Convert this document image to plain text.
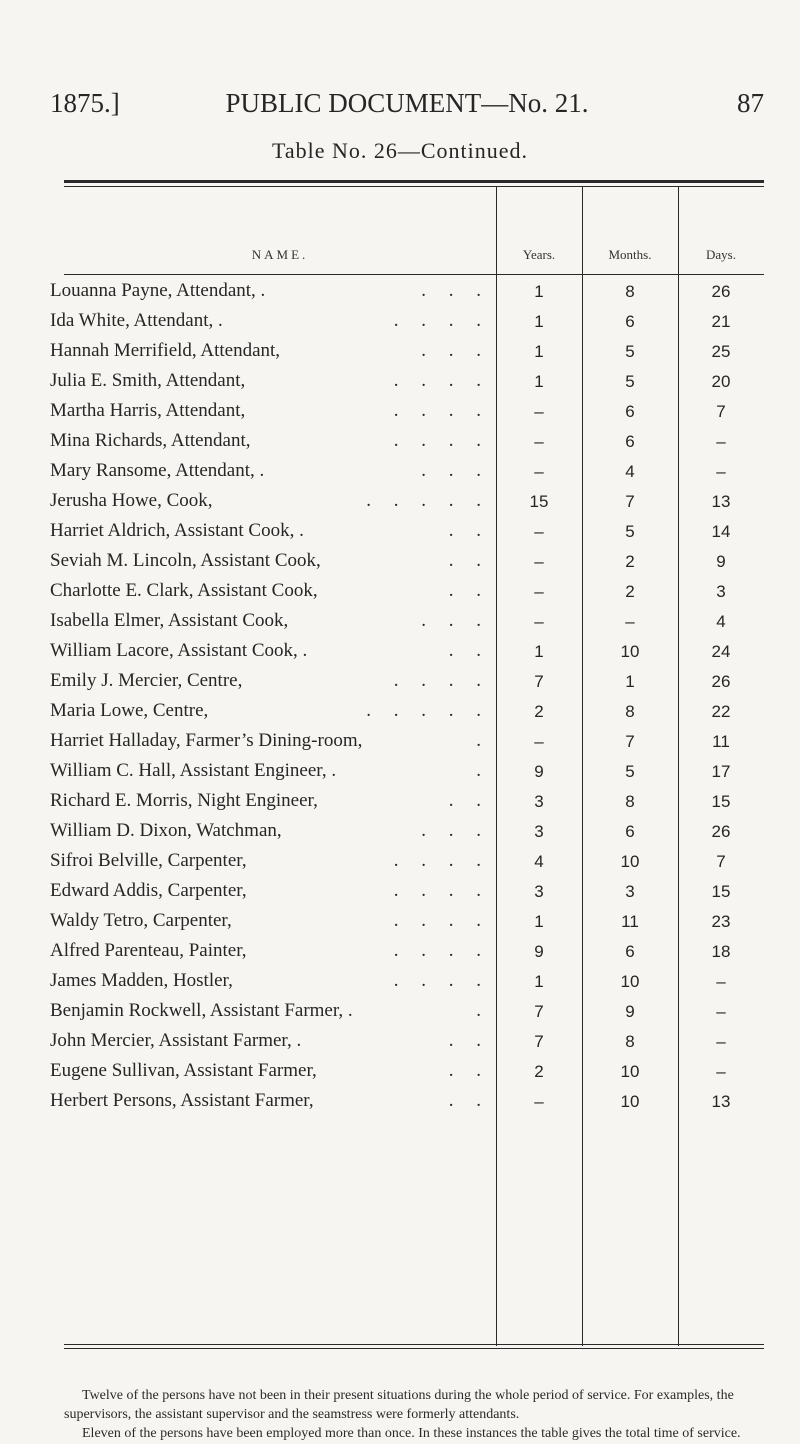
1875.]	PUBLIC DOCUMENT—No. 21.	87
Table No. 26—Continued.
NAME.	Years.	Months.	Days.
Louanna Payne, Attendant, .	. . .	1	8	26
Ida White, Attendant, .	. . . .	1	6	21
Hannah Merrifield, Attendant,	. . .	1	5	25
Julia E. Smith, Attendant,	. . . .	1	5	20
Martha Harris, Attendant,	. . . .	–	6	7
Mina Richards, Attendant,	. . . .	–	6	–
Mary Ransome, Attendant, .	. . .	–	4	–
Jerusha Howe, Cook,	. . . . .	15	7	13
Harriet Aldrich, Assistant Cook, .	. .	–	5	14
Seviah M. Lincoln, Assistant Cook,	. .	–	2	9
Charlotte E. Clark, Assistant Cook,	. .	–	2	3
Isabella Elmer, Assistant Cook,	. . .	–	–	4
William Lacore, Assistant Cook, .	. .	1	10	24
Emily J. Mercier, Centre,	. . . .	7	1	26
Maria Lowe, Centre,	. . . . .	2	8	22
Harriet Halladay, Farmer’s Dining-room,	.	–	7	11
William C. Hall, Assistant Engineer, .	.	9	5	17
Richard E. Morris, Night Engineer,	. .	3	8	15
William D. Dixon, Watchman,	. . .	3	6	26
Sifroi Belville, Carpenter,	. . . .	4	10	7
Edward Addis, Carpenter,	. . . .	3	3	15
Waldy Tetro, Carpenter,	. . . .	1	11	23
Alfred Parenteau, Painter,	. . . .	9	6	18
James Madden, Hostler,	. . . .	1	10	–
Benjamin Rockwell, Assistant Farmer, .	.	7	9	–
John Mercier, Assistant Farmer, .	. .	7	8	–
Eugene Sullivan, Assistant Farmer,	. .	2	10	–
Herbert Persons, Assistant Farmer,	. .	–	10	13

Twelve of the persons have not been in their present situations during the whole period of service. For examples, the supervisors, the assistant supervisor and the seamstress were formerly attendants.

Eleven of the persons have been employed more than once. In these instances the table gives the total time of service.
